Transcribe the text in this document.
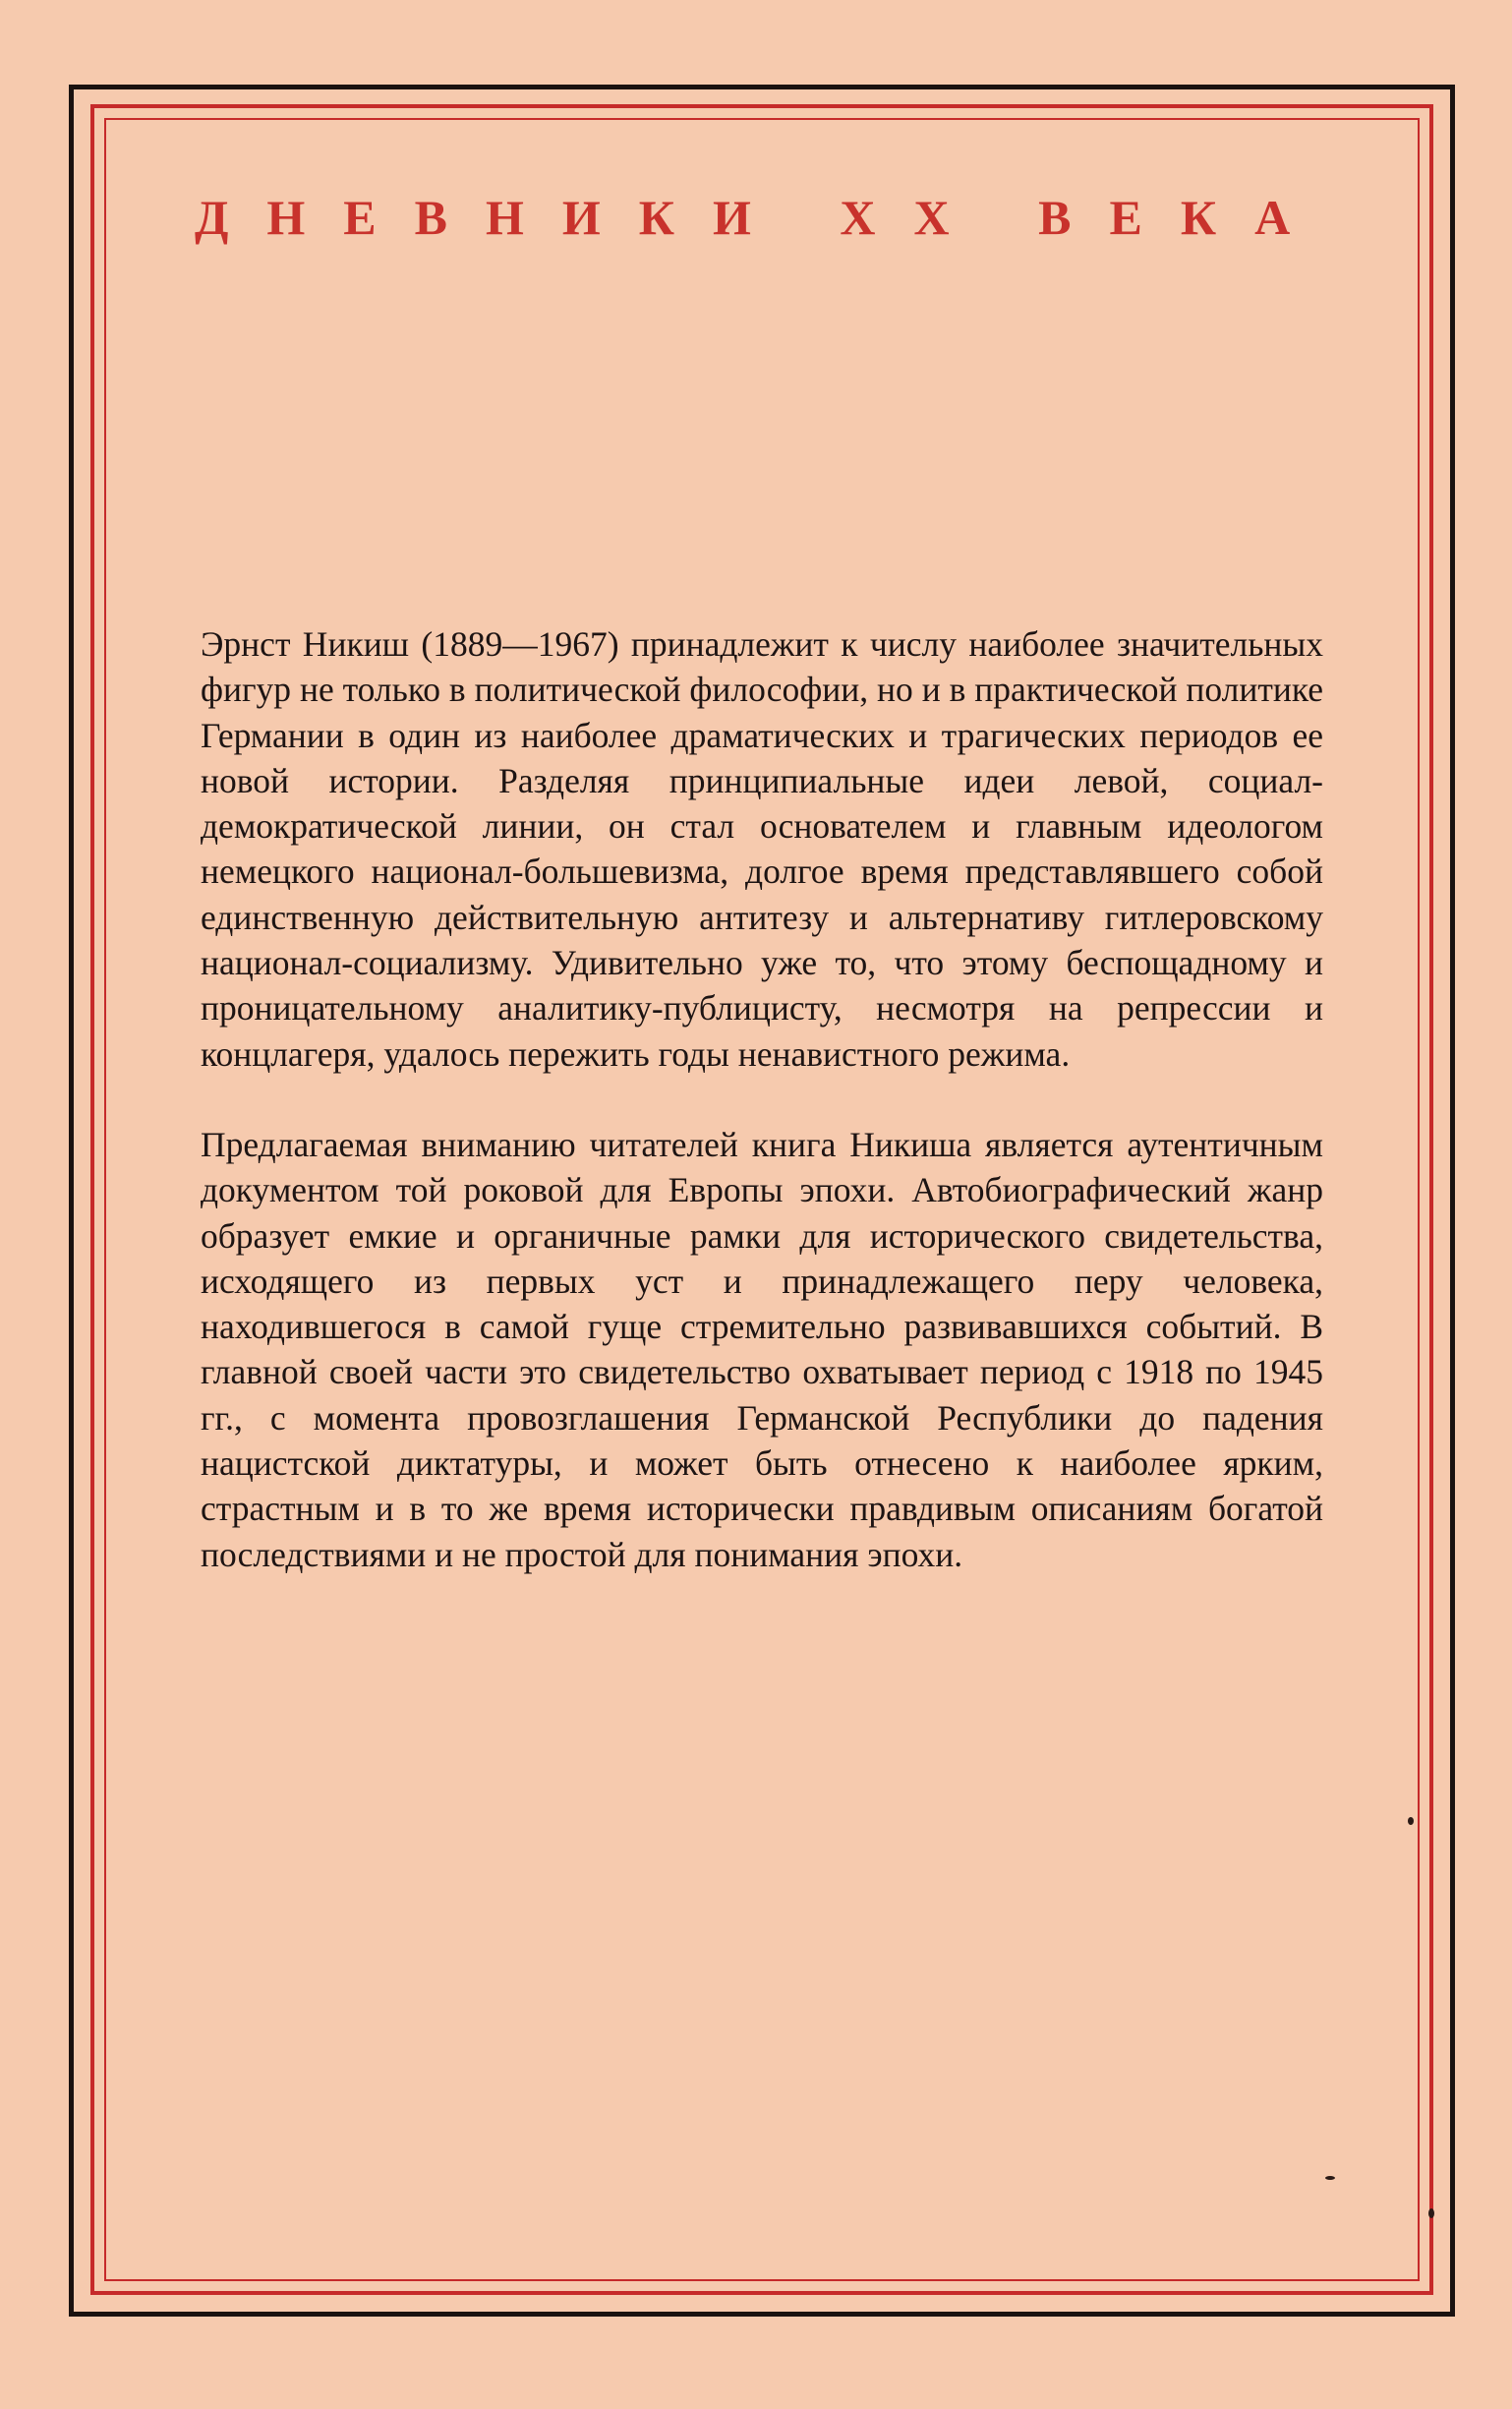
ДНЕВНИКИ XX ВЕКА

Эрнст Никиш (1889—1967) принадлежит к числу наиболее значительных фигур не только в политической философии, но и в практической политике Германии в один из наиболее драматических и трагических периодов ее новой истории. Разделяя принципиальные идеи левой, социал-демократической линии, он стал основателем и главным идеологом немецкого национал-большевизма, долгое время представлявшего собой единственную действительную антитезу и альтернативу гитлеровскому национал-социализму. Удивительно уже то, что этому беспощадному и проницательному аналитику-публицисту, несмотря на репрессии и концлагеря, удалось пережить годы ненавистного режима.

Предлагаемая вниманию читателей книга Никиша является аутентичным документом той роковой для Европы эпохи. Автобиографический жанр образует емкие и органичные рамки для исторического свидетельства, исходящего из первых уст и принадлежащего перу человека, находившегося в самой гуще стремительно развивавшихся событий. В главной своей части это свидетельство охватывает период с 1918 по 1945 гг., с момента провозглашения Германской Республики до падения нацистской диктатуры, и может быть отнесено к наиболее ярким, страстным и в то же время исторически правдивым описаниям богатой последствиями и не простой для понимания эпохи.
